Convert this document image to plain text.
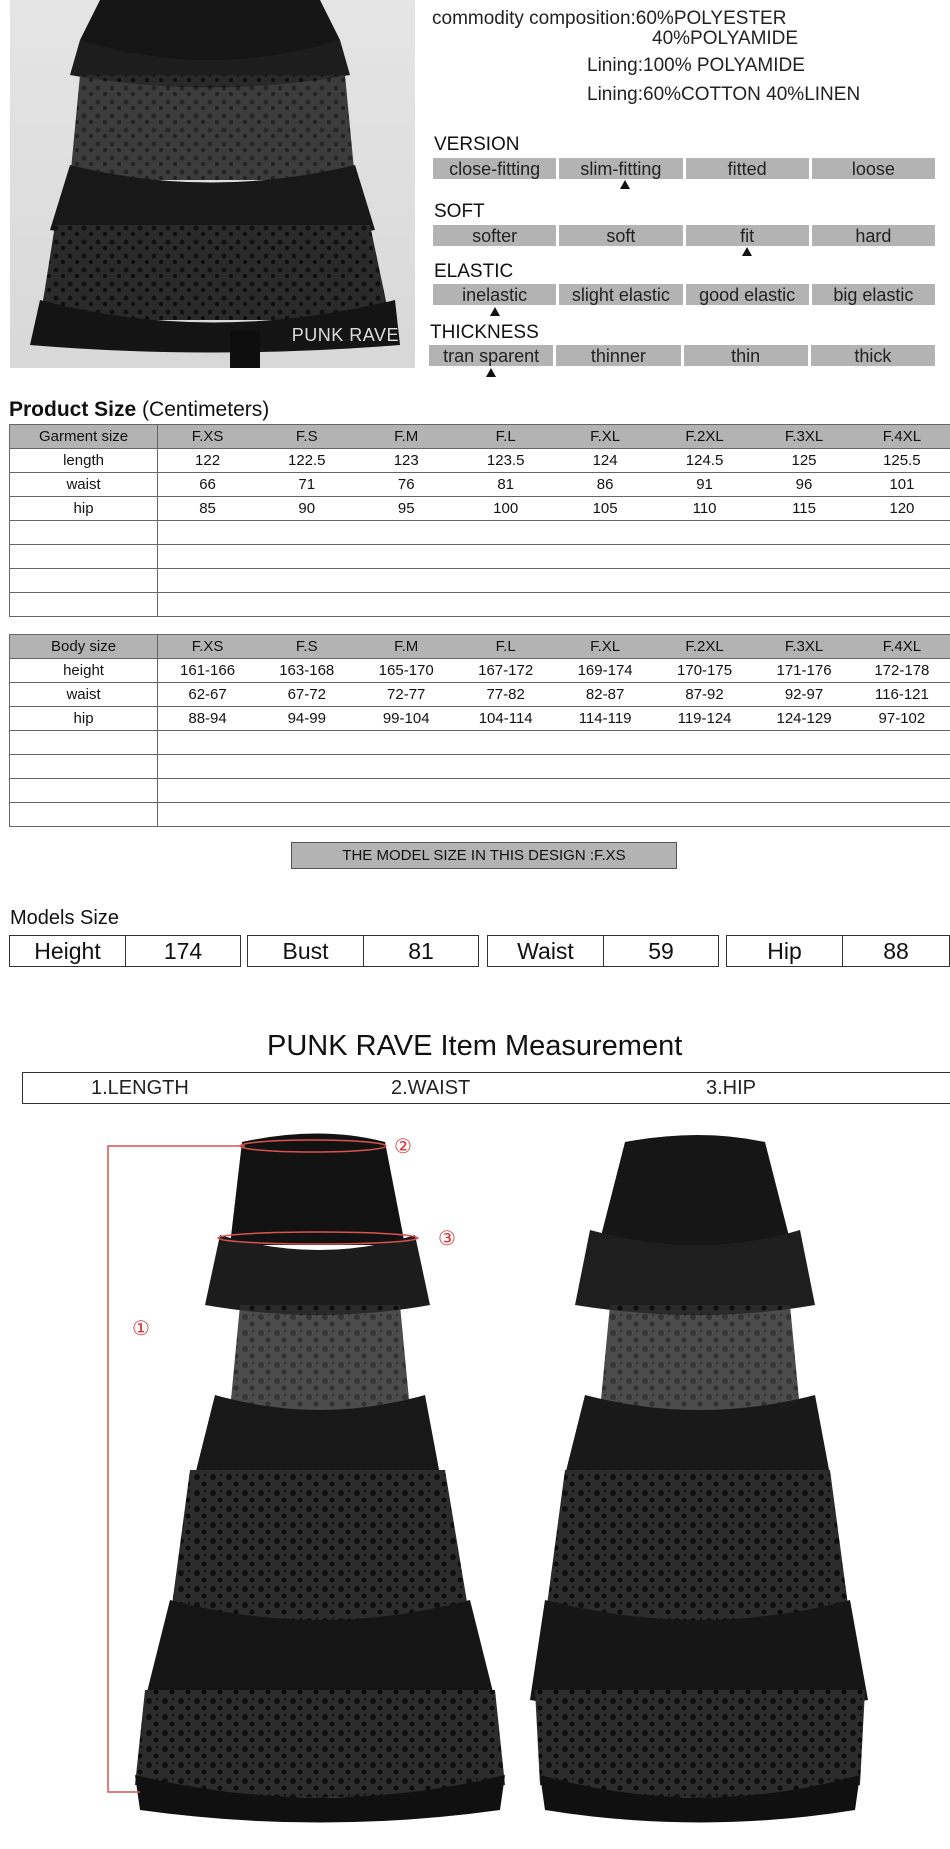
PUNK RAVE
commodity composition:60%POLYESTER
40%POLYAMIDE
Lining:100% POLYAMIDE
Lining:60%COTTON 40%LINEN
VERSION
close-fitting	slim-fitting	fitted	loose
SOFT
softer	soft	fit	hard
ELASTIC
inelastic	slight elastic	good elastic	big elastic
THICKNESS
tran sparent	thinner	thin	thick
Product Size (Centimeters)
Garment size	F.XS	F.S	F.M	F.L	F.XL	F.2XL	F.3XL	F.4XL
length	122	122.5	123	123.5	124	124.5	125	125.5
waist	66	71	76	81	86	91	96	101
hip	85	90	95	100	105	110	115	120

Body size	F.XS	F.S	F.M	F.L	F.XL	F.2XL	F.3XL	F.4XL
height	161-166	163-168	165-170	167-172	169-174	170-175	171-176	172-178
waist	62-67	67-72	72-77	77-82	82-87	87-92	92-97	116-121
hip	88-94	94-99	99-104	104-114	114-119	119-124	124-129	97-102

THE MODEL SIZE IN THIS DESIGN :F.XS
Models Size
Height	174	Bust	81	Waist	59	Hip	88
PUNK RAVE Item Measurement
1.LENGTH	2.WAIST	3.HIP
①
②
③
